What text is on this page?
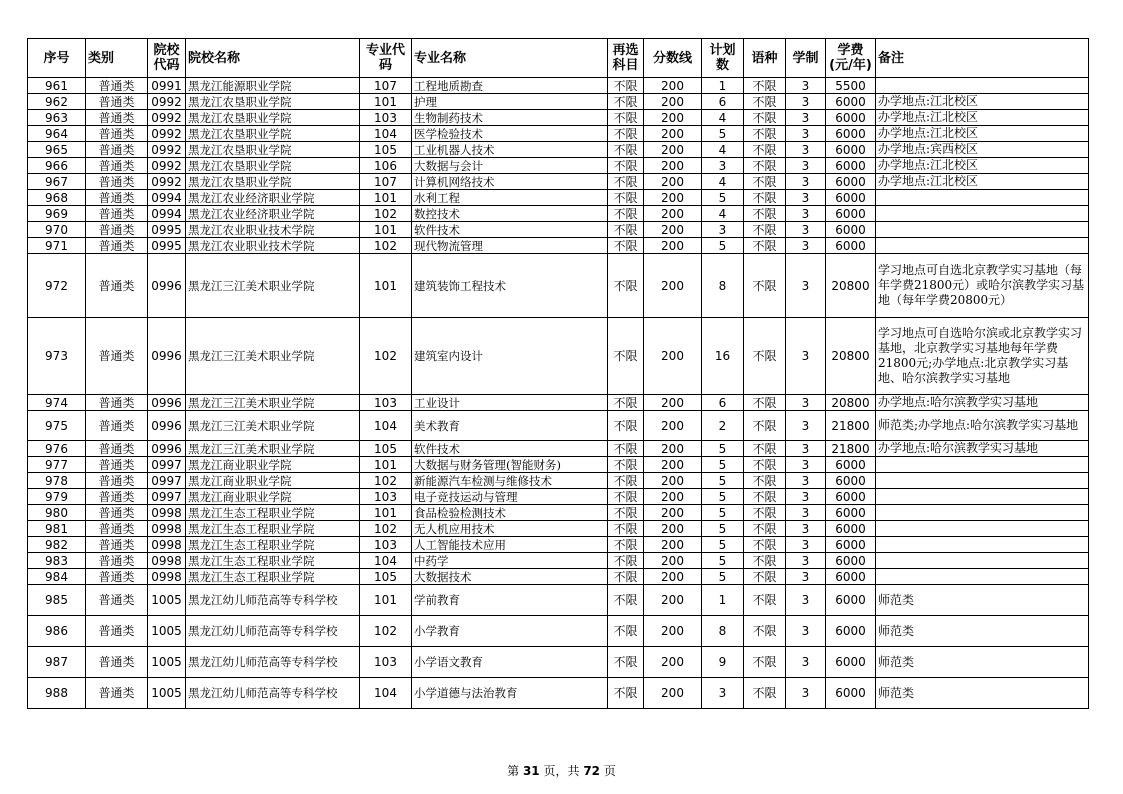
序号	类别	院校代码	院校名称	专业代码	专业名称	再选科目	分数线	计划数	语种	学制	学费(元/年)	备注
961	普通类	0991	黑龙江能源职业学院	107	工程地质勘查	不限	200	1	不限	3	5500	
962	普通类	0992	黑龙江农垦职业学院	101	护理	不限	200	6	不限	3	6000	办学地点:江北校区
963	普通类	0992	黑龙江农垦职业学院	103	生物制药技术	不限	200	4	不限	3	6000	办学地点:江北校区
964	普通类	0992	黑龙江农垦职业学院	104	医学检验技术	不限	200	5	不限	3	6000	办学地点:江北校区
965	普通类	0992	黑龙江农垦职业学院	105	工业机器人技术	不限	200	4	不限	3	6000	办学地点:宾西校区
966	普通类	0992	黑龙江农垦职业学院	106	大数据与会计	不限	200	3	不限	3	6000	办学地点:江北校区
967	普通类	0992	黑龙江农垦职业学院	107	计算机网络技术	不限	200	4	不限	3	6000	办学地点:江北校区
968	普通类	0994	黑龙江农业经济职业学院	101	水利工程	不限	200	5	不限	3	6000	
969	普通类	0994	黑龙江农业经济职业学院	102	数控技术	不限	200	4	不限	3	6000	
970	普通类	0995	黑龙江农业职业技术学院	101	软件技术	不限	200	3	不限	3	6000	
971	普通类	0995	黑龙江农业职业技术学院	102	现代物流管理	不限	200	5	不限	3	6000	
972	普通类	0996	黑龙江三江美术职业学院	101	建筑装饰工程技术	不限	200	8	不限	3	20800	学习地点可自选北京教学实习基地（每年学费21800元）或哈尔滨教学实习基地（每年学费20800元）
973	普通类	0996	黑龙江三江美术职业学院	102	建筑室内设计	不限	200	16	不限	3	20800	学习地点可自选哈尔滨或北京教学实习基地，北京教学实习基地每年学费21800元;办学地点:北京教学实习基地、哈尔滨教学实习基地
974	普通类	0996	黑龙江三江美术职业学院	103	工业设计	不限	200	6	不限	3	20800	办学地点:哈尔滨教学实习基地
975	普通类	0996	黑龙江三江美术职业学院	104	美术教育	不限	200	2	不限	3	21800	师范类;办学地点:哈尔滨教学实习基地
976	普通类	0996	黑龙江三江美术职业学院	105	软件技术	不限	200	5	不限	3	21800	办学地点:哈尔滨教学实习基地
977	普通类	0997	黑龙江商业职业学院	101	大数据与财务管理(智能财务)	不限	200	5	不限	3	6000	
978	普通类	0997	黑龙江商业职业学院	102	新能源汽车检测与维修技术	不限	200	5	不限	3	6000	
979	普通类	0997	黑龙江商业职业学院	103	电子竞技运动与管理	不限	200	5	不限	3	6000	
980	普通类	0998	黑龙江生态工程职业学院	101	食品检验检测技术	不限	200	5	不限	3	6000	
981	普通类	0998	黑龙江生态工程职业学院	102	无人机应用技术	不限	200	5	不限	3	6000	
982	普通类	0998	黑龙江生态工程职业学院	103	人工智能技术应用	不限	200	5	不限	3	6000	
983	普通类	0998	黑龙江生态工程职业学院	104	中药学	不限	200	5	不限	3	6000	
984	普通类	0998	黑龙江生态工程职业学院	105	大数据技术	不限	200	5	不限	3	6000	
985	普通类	1005	黑龙江幼儿师范高等专科学校	101	学前教育	不限	200	1	不限	3	6000	师范类
986	普通类	1005	黑龙江幼儿师范高等专科学校	102	小学教育	不限	200	8	不限	3	6000	师范类
987	普通类	1005	黑龙江幼儿师范高等专科学校	103	小学语文教育	不限	200	9	不限	3	6000	师范类
988	普通类	1005	黑龙江幼儿师范高等专科学校	104	小学道德与法治教育	不限	200	3	不限	3	6000	师范类
第 31 页，共 72 页
